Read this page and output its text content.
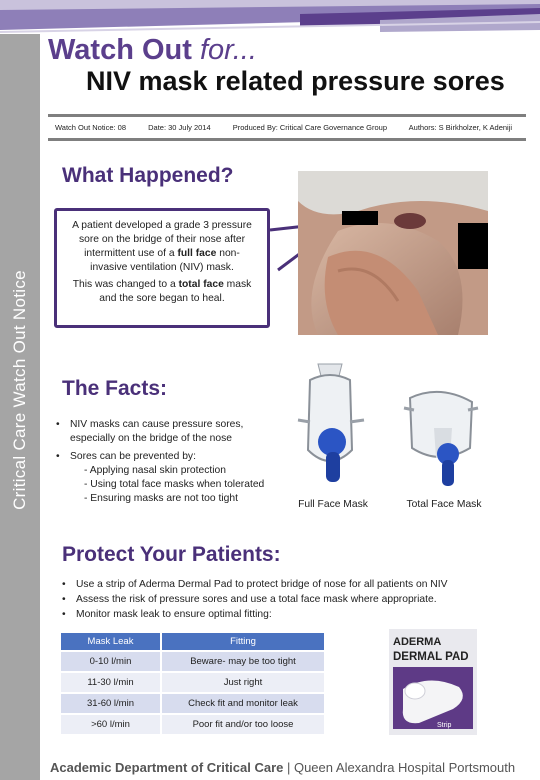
Critical Care Watch Out Notice
Watch Out for...
NIV mask related pressure sores
Watch Out Notice: 08	Date: 30 July 2014	Produced By: Critical Care Governance Group	Authors: S Birkholzer, K Adeniji
What Happened?

A patient developed a grade 3 pressure sore on the bridge of their nose after intermittent use of a full face non-invasive ventilation (NIV) mask.

This was changed to a total face mask and the sore began to heal.

The Facts:
• NIV masks can cause pressure sores, especially on the bridge of the nose
• Sores can be prevented by:
- Applying nasal skin protection
- Using total face masks when tolerated
- Ensuring masks are not too tight
Full Face Mask	Total Face Mask
Protect Your Patients:
• Use a strip of Aderma Dermal Pad to protect bridge of nose for all patients on NIV
• Assess the risk of pressure sores and use a total face mask where appropriate.
• Monitor mask leak to ensure optimal fitting:
Mask Leak	Fitting
0-10 l/min	Beware- may be too tight
11-30 l/min	Just right
31-60 l/min	Check fit and monitor leak
>60 l/min	Poor fit and/or too loose
ADERMA
DERMAL PAD
Strip
Academic Department of Critical Care | Queen Alexandra Hospital Portsmouth
